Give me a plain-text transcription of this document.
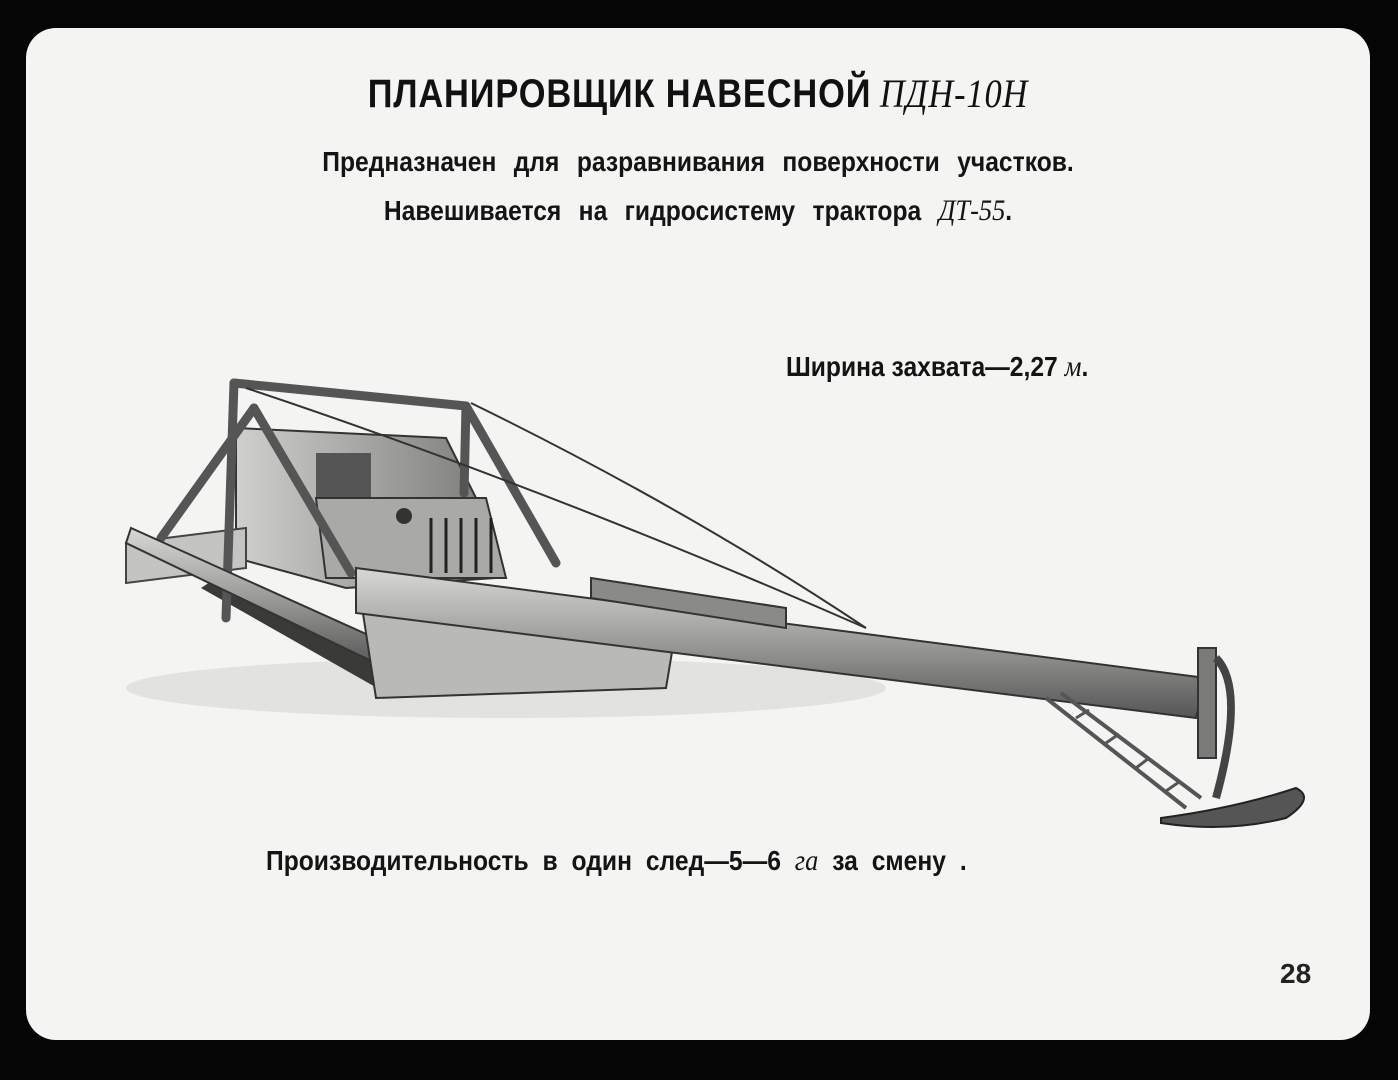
ПЛАНИРОВЩИК НАВЕСНОЙ ПДН-10Н
Предназначен для разравнивания поверхности участков.
Навешивается на гидросистему трактора ДТ-55.
Ширина захвата—2,27 м.
Производительность в один след—5—6 га за смену .
28
